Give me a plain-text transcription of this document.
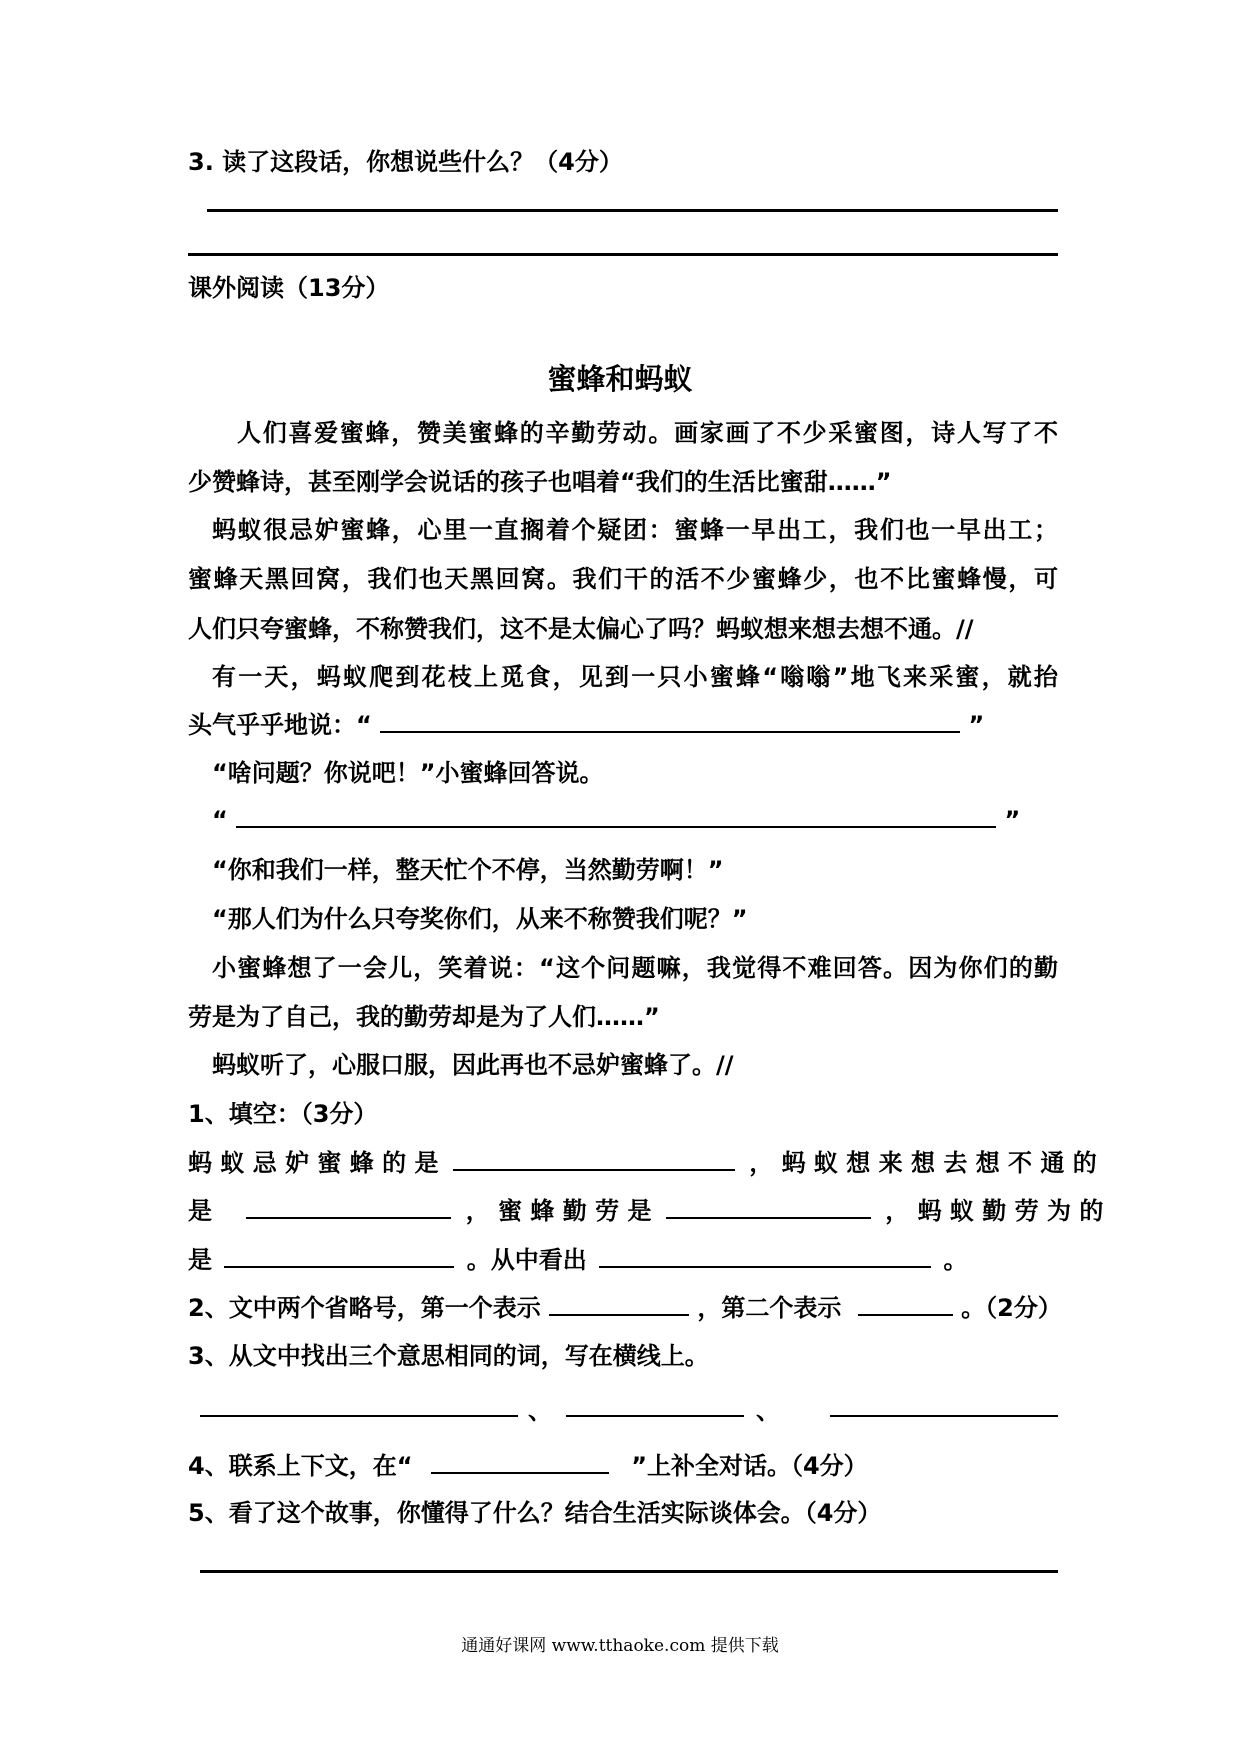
3. 读了这段话，你想说些什么？（4分）
课外阅读（13分）
蜜蜂和蚂蚁
人们喜爱蜜蜂，赞美蜜蜂的辛勤劳动。画家画了不少采蜜图，诗人写了不
少赞蜂诗，甚至刚学会说话的孩子也唱着“我们的生活比蜜甜……”
蚂蚁很忌妒蜜蜂，心里一直搁着个疑团：蜜蜂一早出工，我们也一早出工；
蜜蜂天黑回窝，我们也天黑回窝。我们干的活不少蜜蜂少，也不比蜜蜂慢，可
人们只夸蜜蜂，不称赞我们，这不是太偏心了吗？蚂蚁想来想去想不通。//
有一天，蚂蚁爬到花枝上觅食，见到一只小蜜蜂“嗡嗡”地飞来采蜜，就抬
头气乎乎地说：“	”
“啥问题？你说吧！”小蜜蜂回答说。
“	”
“你和我们一样，整天忙个不停，当然勤劳啊！”
“那人们为什么只夸奖你们，从来不称赞我们呢？”
小蜜蜂想了一会儿，笑着说：“这个问题嘛，我觉得不难回答。因为你们的勤
劳是为了自己，我的勤劳却是为了人们……”
蚂蚁听了，心服口服，因此再也不忌妒蜜蜂了。//
1、填空：（3分）
蚂 蚁 忌 妒 蜜 蜂 的 是	， 蚂 蚁 想 来 想 去 想 不 通 的
是	， 蜜 蜂 勤 劳 是	， 蚂 蚁 勤 劳 为 的
是	。从中看出	。
2、文中两个省略号，第一个表示	，第二个表示	。（2分）
3、从文中找出三个意思相同的词，写在横线上。
、	、
4、联系上下文，在“	”上补全对话。（4分）
5、看了这个故事，你懂得了什么？结合生活实际谈体会。（4分）
通通好课网 www.tthaoke.com 提供下载
